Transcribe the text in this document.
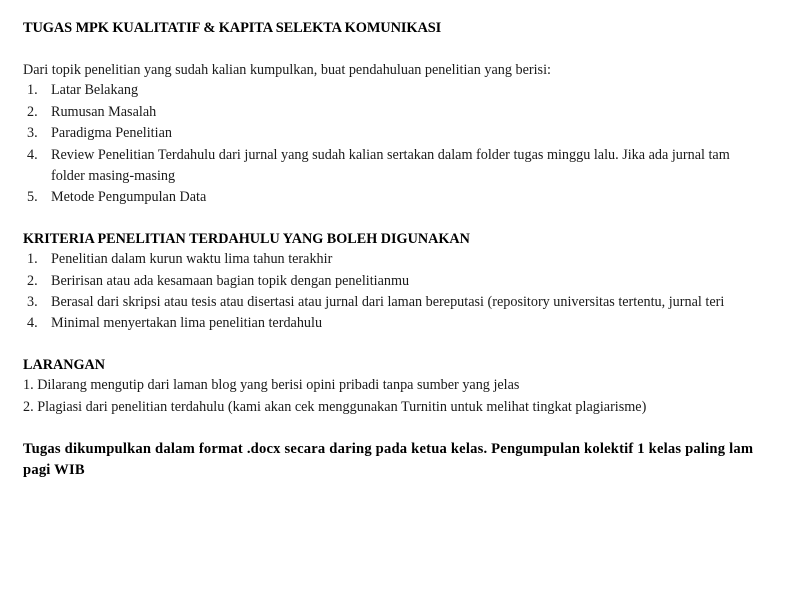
TUGAS MPK KUALITATIF & KAPITA SELEKTA KOMUNIKASI
Dari topik penelitian yang sudah kalian kumpulkan, buat pendahuluan penelitian yang berisi:
1. Latar Belakang
2. Rumusan Masalah
3. Paradigma Penelitian
4. Review Penelitian Terdahulu dari jurnal yang sudah kalian sertakan dalam folder tugas minggu lalu. Jika ada jurnal tam
folder masing-masing
5. Metode Pengumpulan Data
KRITERIA PENELITIAN TERDAHULU YANG BOLEH DIGUNAKAN
1. Penelitian dalam kurun waktu lima tahun terakhir
2. Beririsan atau ada kesamaan bagian topik dengan penelitianmu
3. Berasal dari skripsi atau tesis atau disertasi atau jurnal dari laman bereputasi (repository universitas tertentu, jurnal teri
4. Minimal menyertakan lima penelitian terdahulu
LARANGAN
1. Dilarang mengutip dari laman blog yang berisi opini pribadi tanpa sumber yang jelas
2. Plagiasi dari penelitian terdahulu (kami akan cek menggunakan Turnitin untuk melihat tingkat plagiarisme)
Tugas dikumpulkan dalam format .docx secara daring pada ketua kelas. Pengumpulan kolektif 1 kelas paling lam
pagi WIB
